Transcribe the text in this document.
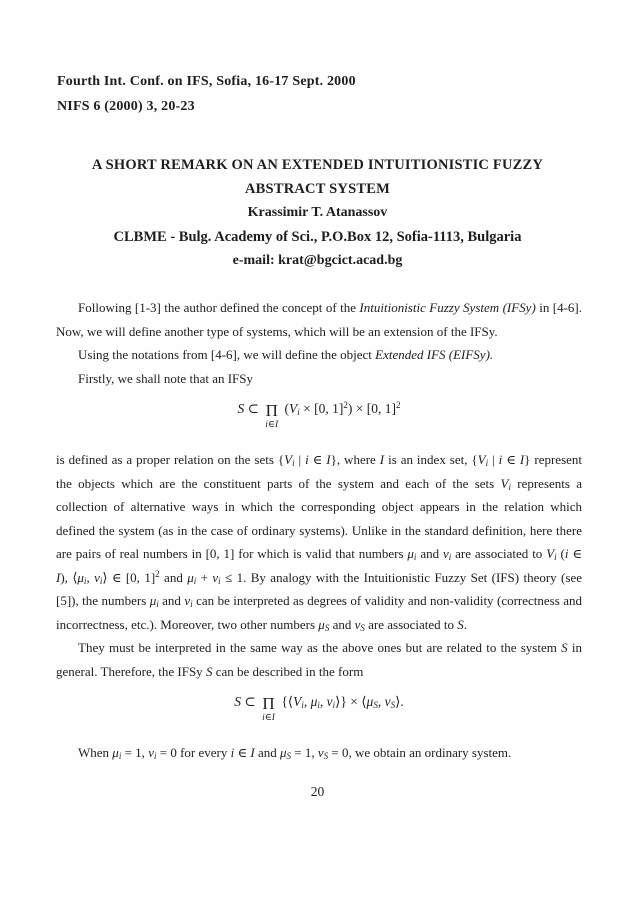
Fourth Int. Conf. on IFS, Sofia, 16-17 Sept. 2000
NIFS 6 (2000) 3, 20-23
A SHORT REMARK ON AN EXTENDED INTUITIONISTIC FUZZY
ABSTRACT SYSTEM
Krassimir T. Atanassov
CLBME - Bulg. Academy of Sci., P.O.Box 12, Sofia-1113, Bulgaria
e-mail: krat@bgcict.acad.bg

Following [1-3] the author defined the concept of the Intuitionistic Fuzzy System (IFSy) in [4-6]. Now, we will define another type of systems, which will be an extension of the IFSy.

Using the notations from [4-6], we will define the object Extended IFS (EIFSy).

Firstly, we shall note that an IFSy

S ⊂ Π
i∈I
($V_i \times [0$, 1]$^2$) × [0, 1]$^2$

is defined as a proper relation on the sets {$V_i$ | i ∈ I}, where I is an index set, {$V_i$ | i ∈ I} represent the objects which are the constituent parts of the system and each of the sets $V_i$ represents a collection of alternative ways in which the corresponding object appears in the relation which defined the system (as in the case of ordinary systems). Unlike in the standard definition, here there are pairs of real numbers in [0, 1] for which is valid that numbers $\mu_i$ and $\nu_i$ are associated to $V_i$ (i ∈ I), $⟨\mu_i$, $\nu_i⟩$ ∈ [0, 1]$^2$ and $\mu_i + \nu_i \le 1$. By analogy with the Intuitionistic Fuzzy Set (IFS) theory (see [5]), the numbers $\mu_i$ and $\nu_i$ can be interpreted as degrees of validity and non-validity (correctness and incorrectness, etc.). Moreover, two other numbers $\mu_S$ and $\nu_S$ are associated to S.

They must be interpreted in the same way as the above ones but are related to the system S in general. Therefore, the IFSy S can be described in the form

S ⊂ Π
i∈I
{$⟨V_i$, $\mu_i$, $\nu_i⟩$} × $⟨\mu_S$, $\nu_S⟩$.

When $\mu_i = 1$, $\nu_i = 0$ for every i ∈ I and $\mu_S = 1$, $\nu_S = 0$, we obtain an ordinary system.

20
